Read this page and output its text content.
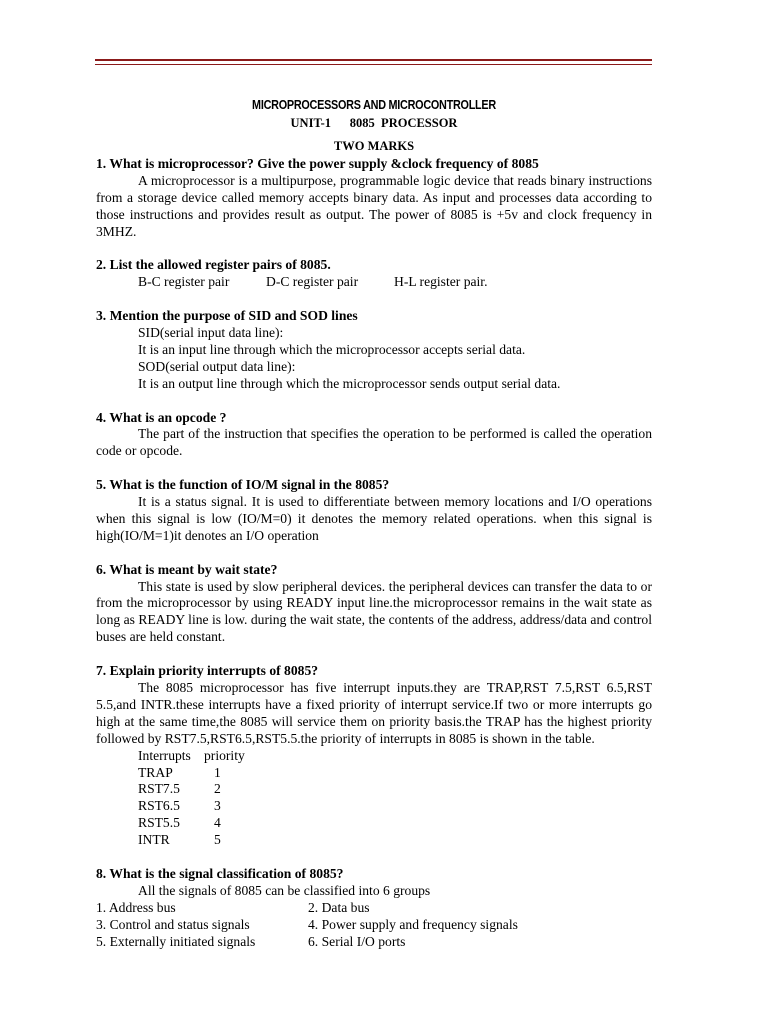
MICROPROCESSORS AND MICROCONTROLLER
UNIT-1      8085  PROCESSOR
TWO MARKS
1. What is microprocessor? Give the power supply &clock frequency of 8085
A microprocessor is a multipurpose, programmable logic device that reads binary instructions from a storage device called memory accepts binary data. As input and processes data according to those instructions and provides result as output. The power of 8085 is +5v and clock frequency in 3MHZ.
2. List the allowed register pairs of 8085.
B-C register pair	D-C register pair	H-L register pair.
3. Mention the purpose of SID and SOD lines
SID(serial input data line):
It is an input line through which the microprocessor accepts serial data.
SOD(serial output data line):
It is an output line through which the microprocessor sends output serial data.
4. What is an opcode ?
The part of the instruction that specifies the operation to be performed is called the operation code or opcode.
5. What is the function of IO/M signal in the 8085?
It is a status signal. It is used to differentiate between memory locations and I/O operations when this signal is low (IO/M=0) it denotes the memory related operations. when this signal is high(IO/M=1)it denotes an I/O operation
6. What is meant by wait state?
This state is used by slow peripheral devices. the peripheral devices can transfer the data to or from the microprocessor by using READY input line.the microprocessor remains in the wait state as long as READY line is low. during the wait state, the contents of the address, address/data and control buses are held constant.
7. Explain priority interrupts of 8085?
The 8085 microprocessor has five interrupt inputs.they are TRAP,RST 7.5,RST 6.5,RST 5.5,and INTR.these interrupts have a fixed priority of interrupt service.If two or more interrupts go high at the same time,the 8085 will service them on priority basis.the TRAP has the highest priority followed by RST7.5,RST6.5,RST5.5.the priority of interrupts in 8085 is shown in the table.
Interrupts	priority
TRAP	1
RST7.5	2
RST6.5	3
RST5.5	4
INTR	5
8. What is the signal classification of 8085?
All the signals of 8085 can be classified into 6 groups
1. Address bus	2. Data bus
3. Control and status signals	4. Power supply and frequency signals
5. Externally initiated signals	6. Serial I/O ports
